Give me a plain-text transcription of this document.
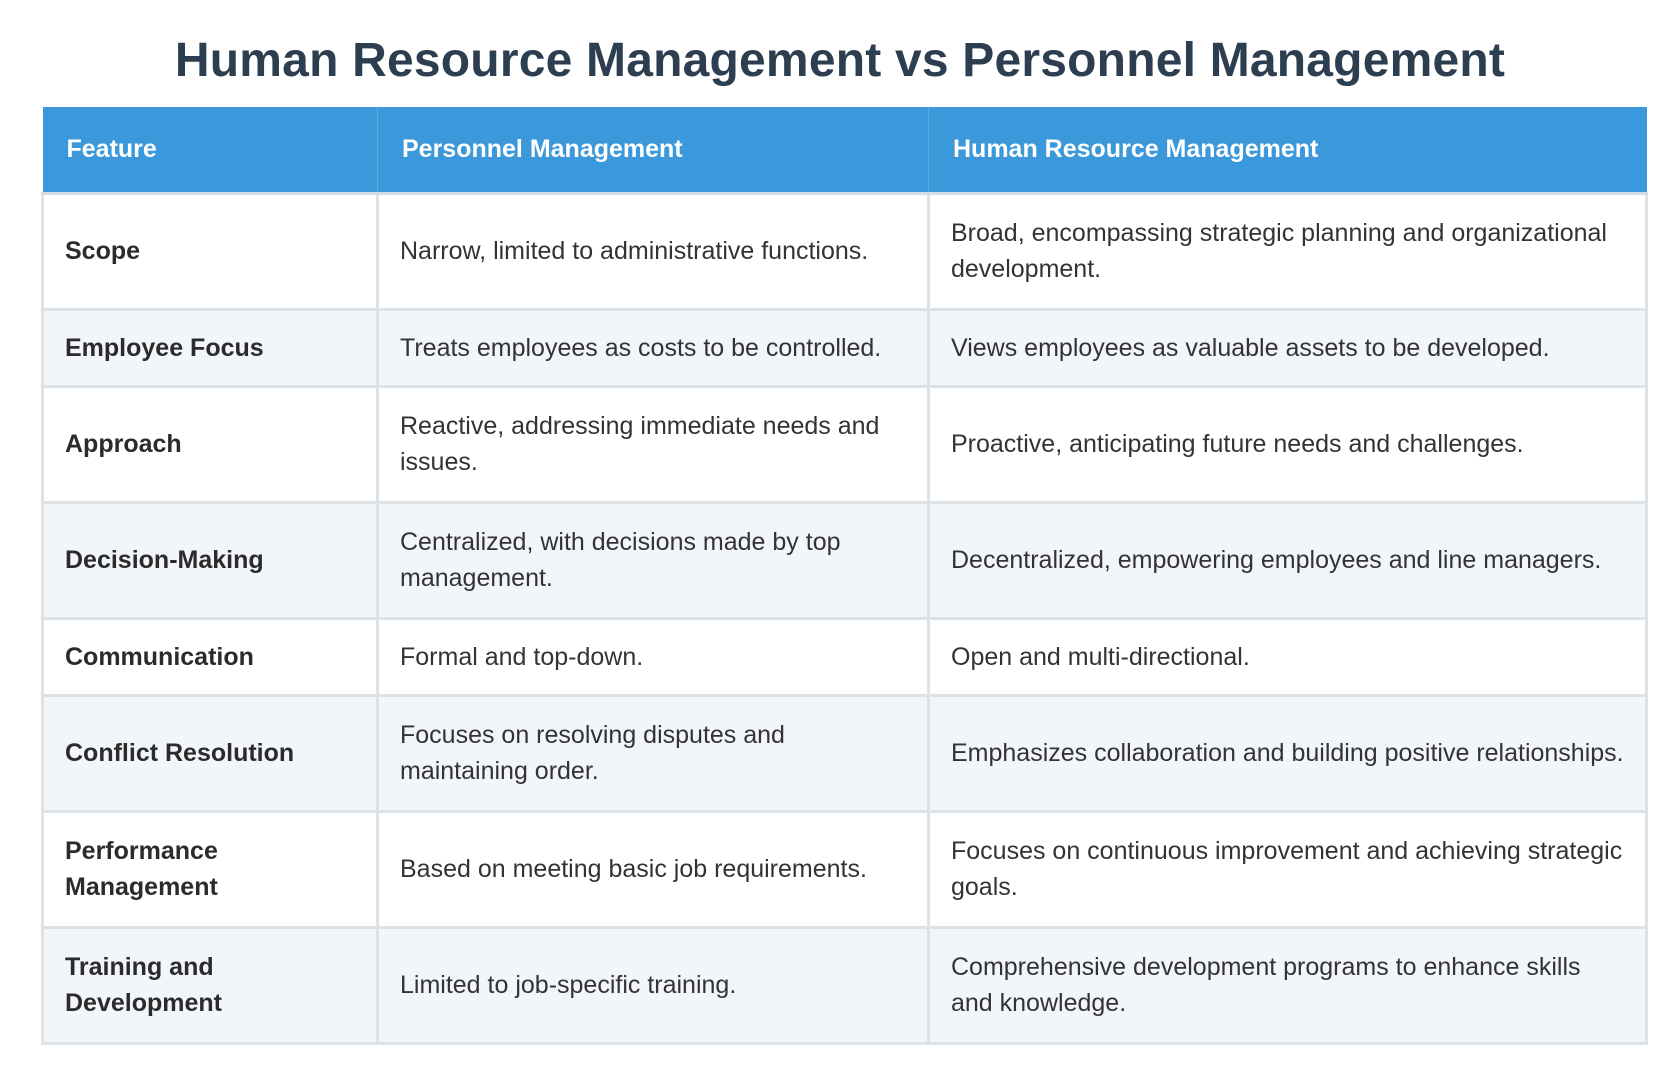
Human Resource Management vs Personnel Management
Feature	Personnel Management	Human Resource Management
Scope	Narrow, limited to administrative functions.	Broad, encompassing strategic planning and organizational development.
Employee Focus	Treats employees as costs to be controlled.	Views employees as valuable assets to be developed.
Approach	Reactive, addressing immediate needs and issues.	Proactive, anticipating future needs and challenges.
Decision-Making	Centralized, with decisions made by top management.	Decentralized, empowering employees and line managers.
Communication	Formal and top-down.	Open and multi-directional.
Conflict Resolution	Focuses on resolving disputes and maintaining order.	Emphasizes collaboration and building positive relationships.
Performance Management	Based on meeting basic job requirements.	Focuses on continuous improvement and achieving strategic goals.
Training and Development	Limited to job-specific training.	Comprehensive development programs to enhance skills and knowledge.
